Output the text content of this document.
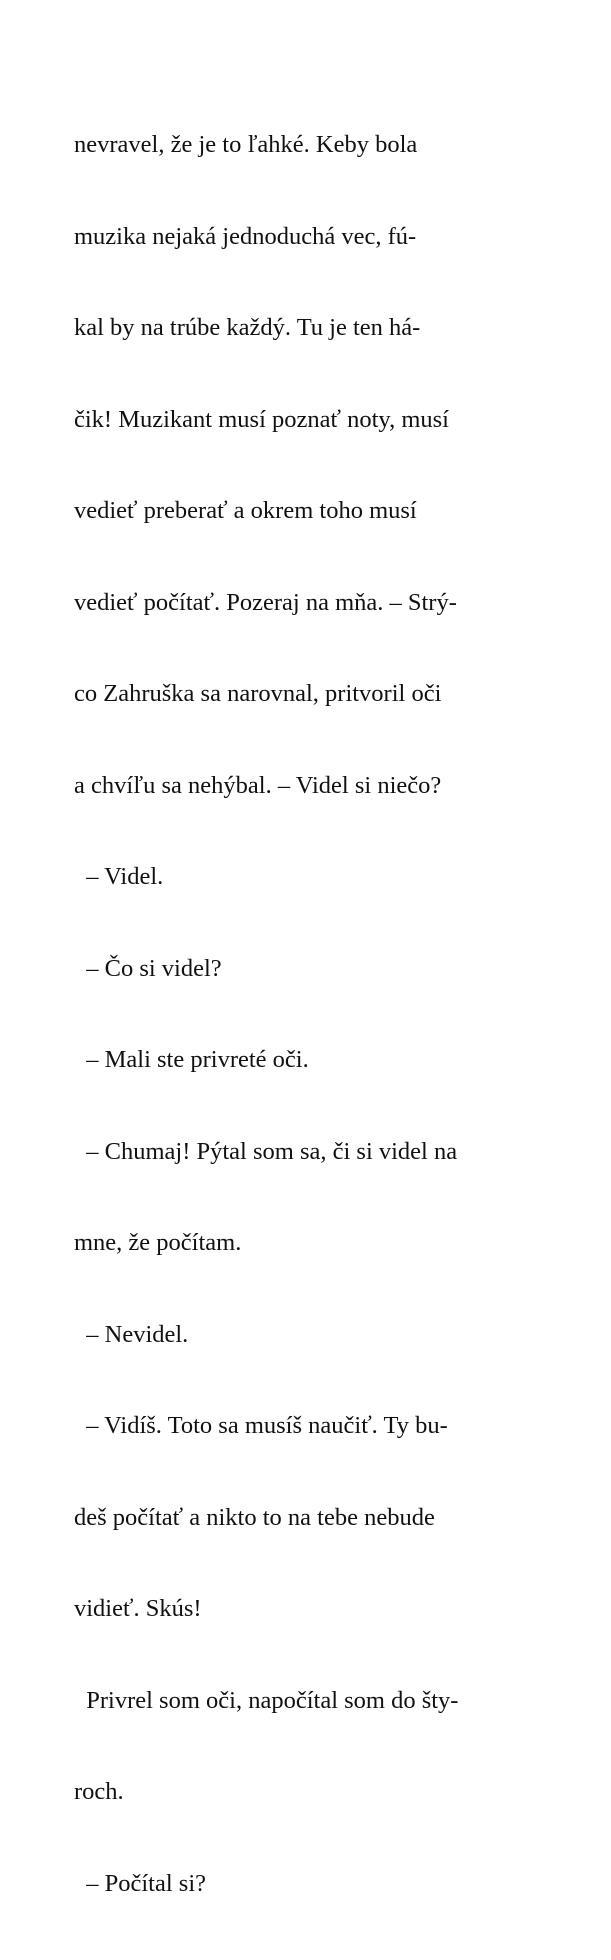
nevravel, že je to ľahké. Keby bola

muzika nejaká jednoduchá vec, fú-

kal by na trúbe každý. Tu je ten há-

čik! Muzikant musí poznať noty, musí

vedieť preberať a okrem toho musí

vedieť počítať. Pozeraj na mňa. – Strý-

co Zahruška sa narovnal, pritvoril oči

a chvíľu sa nehýbal. – Videl si niečo?

– Videl.

– Čo si videl?

– Mali ste privreté oči.

– Chumaj! Pýtal som sa, či si videl na

mne, že počítam.

– Nevidel.

– Vidíš. Toto sa musíš naučiť. Ty bu-

deš počítať a nikto to na tebe nebude

vidieť. Skús!

Privrel som oči, napočítal som do šty-

roch.

– Počítal si?
